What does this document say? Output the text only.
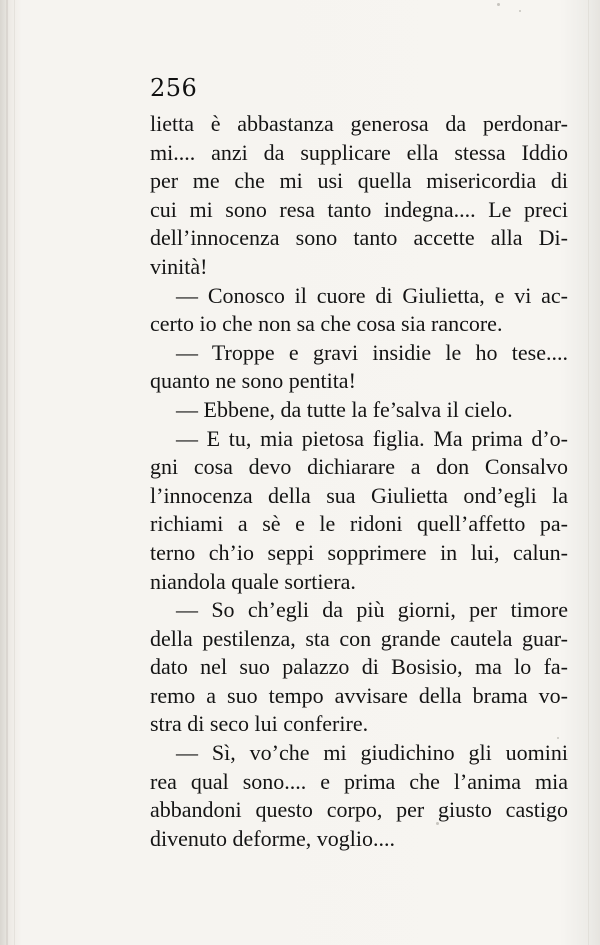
256
lietta è abbastanza generosa da perdonar-
mi.... anzi da supplicare ella stessa Iddio
per me che mi usi quella misericordia di
cui mi sono resa tanto indegna.... Le preci
dell’innocenza sono tanto accette alla Di-
vinità!
— Conosco il cuore di Giulietta, e vi ac-
certo io che non sa che cosa sia rancore.
— Troppe e gravi insidie le ho tese....
quanto ne sono pentita!
— Ebbene, da tutte la fe’salva il cielo.
— E tu, mia pietosa figlia. Ma prima d’o-
gni cosa devo dichiarare a don Consalvo
l’innocenza della sua Giulietta ond’egli la
richiami a sè e le ridoni quell’affetto pa-
terno ch’io seppi sopprimere in lui, calun-
niandola quale sortiera.
— So ch’egli da più giorni, per timore
della pestilenza, sta con grande cautela guar-
dato nel suo palazzo di Bosisio, ma lo fa-
remo a suo tempo avvisare della brama vo-
stra di seco lui conferire.
— Sì, vo’che mi giudichino gli uomini
rea qual sono.... e prima che l’anima mia
abbandoni questo corpo, per giusto castigo
divenuto deforme, voglio....
